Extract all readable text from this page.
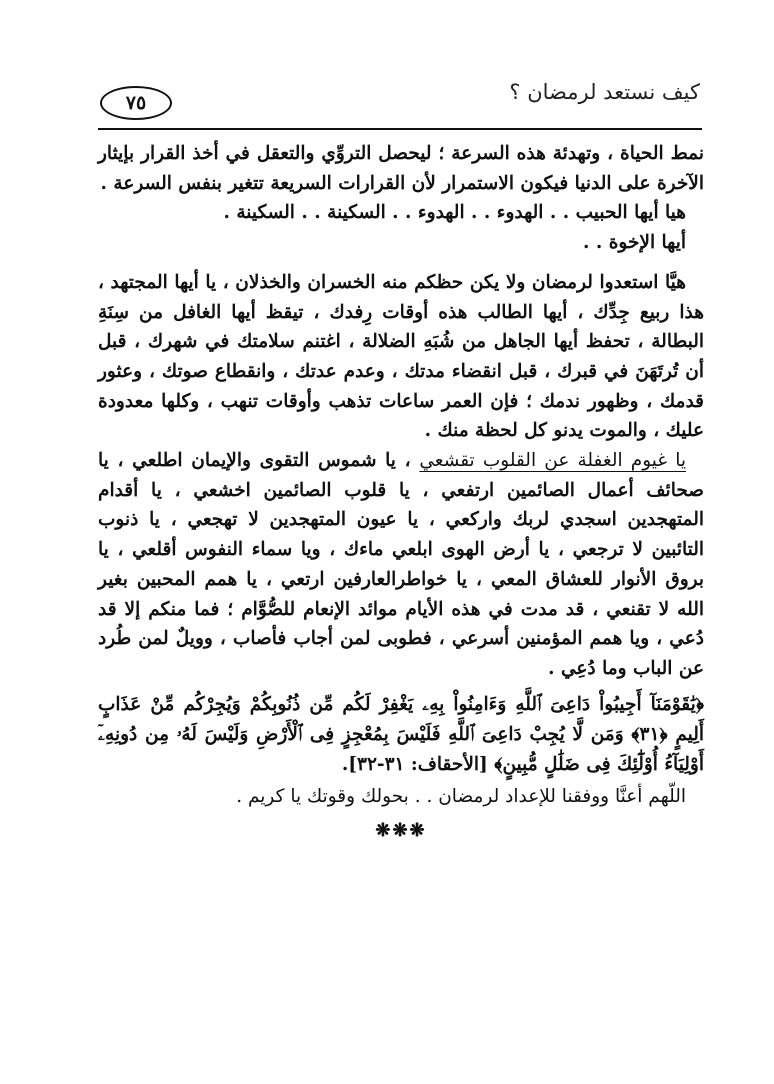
كيف نستعد لرمضان ؟
٧٥

نمط الحياة ، وتهدئة هذه السرعة ؛ ليحصل التروِّي والتعقل في أخذ القرار بإيثار الآخرة على الدنيا فيكون الاستمرار لأن القرارات السريعة تتغير بنفس السرعة .

هيا أيها الحبيب . . الهدوء . . الهدوء . . السكينة . . السكينة .

أيها الإخوة . .

هيَّا استعدوا لرمضان ولا يكن حظكم منه الخسران والخذلان ، يا أيها المجتهد ، هذا ربيع جِدِّك ، أيها الطالب هذه أوقات رِفدك ، تيقظ أيها الغافل من سِنَةِ البطالة ، تحفظ أيها الجاهل من شُبَهِ الضلالة ، اغتنم سلامتك في شهرك ، قبل أن تُرتَهَنَ في قبرك ، قبل انقضاء مدتك ، وعدم عدتك ، وانقطاع صوتك ، وعثور قدمك ، وظهور ندمك ؛ فإن العمر ساعات تذهب وأوقات تنهب ، وكلها معدودة عليك ، والموت يدنو كل لحظة منك .

يا غيوم الغفلة عن القلوب تقشعي ، يا شموس التقوى والإيمان اطلعي ، يا صحائف أعمال الصائمين ارتفعي ، يا قلوب الصائمين اخشعي ، يا أقدام المتهجدين اسجدي لربك واركعي ، يا عيون المتهجدين لا تهجعي ، يا ذنوب التائبين لا ترجعي ، يا أرض الهوى ابلعي ماءك ، ويا سماء النفوس أقلعي ، يا بروق الأنوار للعشاق المعي ، يا خواطرالعارفين ارتعي ، يا همم المحبين بغير الله لا تقنعي ، قد مدت في هذه الأيام موائد الإنعام للصُّوَّام ؛ فما منكم إلا قد دُعي ، ويا همم المؤمنين أسرعي ، فطوبى لمن أجاب فأصاب ، وويلٌ لمن طُرد عن الباب وما دُعِي .

﴿يَٰقَوْمَنَآ أَجِيبُواْ دَاعِىَ ٱللَّهِ وَءَامِنُواْ بِهِۦ يَغْفِرْ لَكُم مِّن ذُنُوبِكُمْ وَيُجِرْكُم مِّنْ عَذَابٍ أَلِيمٍ ﴿٣١﴾ وَمَن لَّا يُجِبْ دَاعِىَ ٱللَّهِ فَلَيْسَ بِمُعْجِزٍ فِى ٱلْأَرْضِ وَلَيْسَ لَهُۥ مِن دُونِهِۦٓ أَوْلِيَآءُ أُوْلَٰٓئِكَ فِى ضَلَٰلٍ مُّبِينٍ﴾ [الأحقاف: ٣١-٣٢].

اللّهم أعنَّا ووفقنا للإعداد لرمضان . . بحولك وقوتك يا كريم .

❋❋❋
